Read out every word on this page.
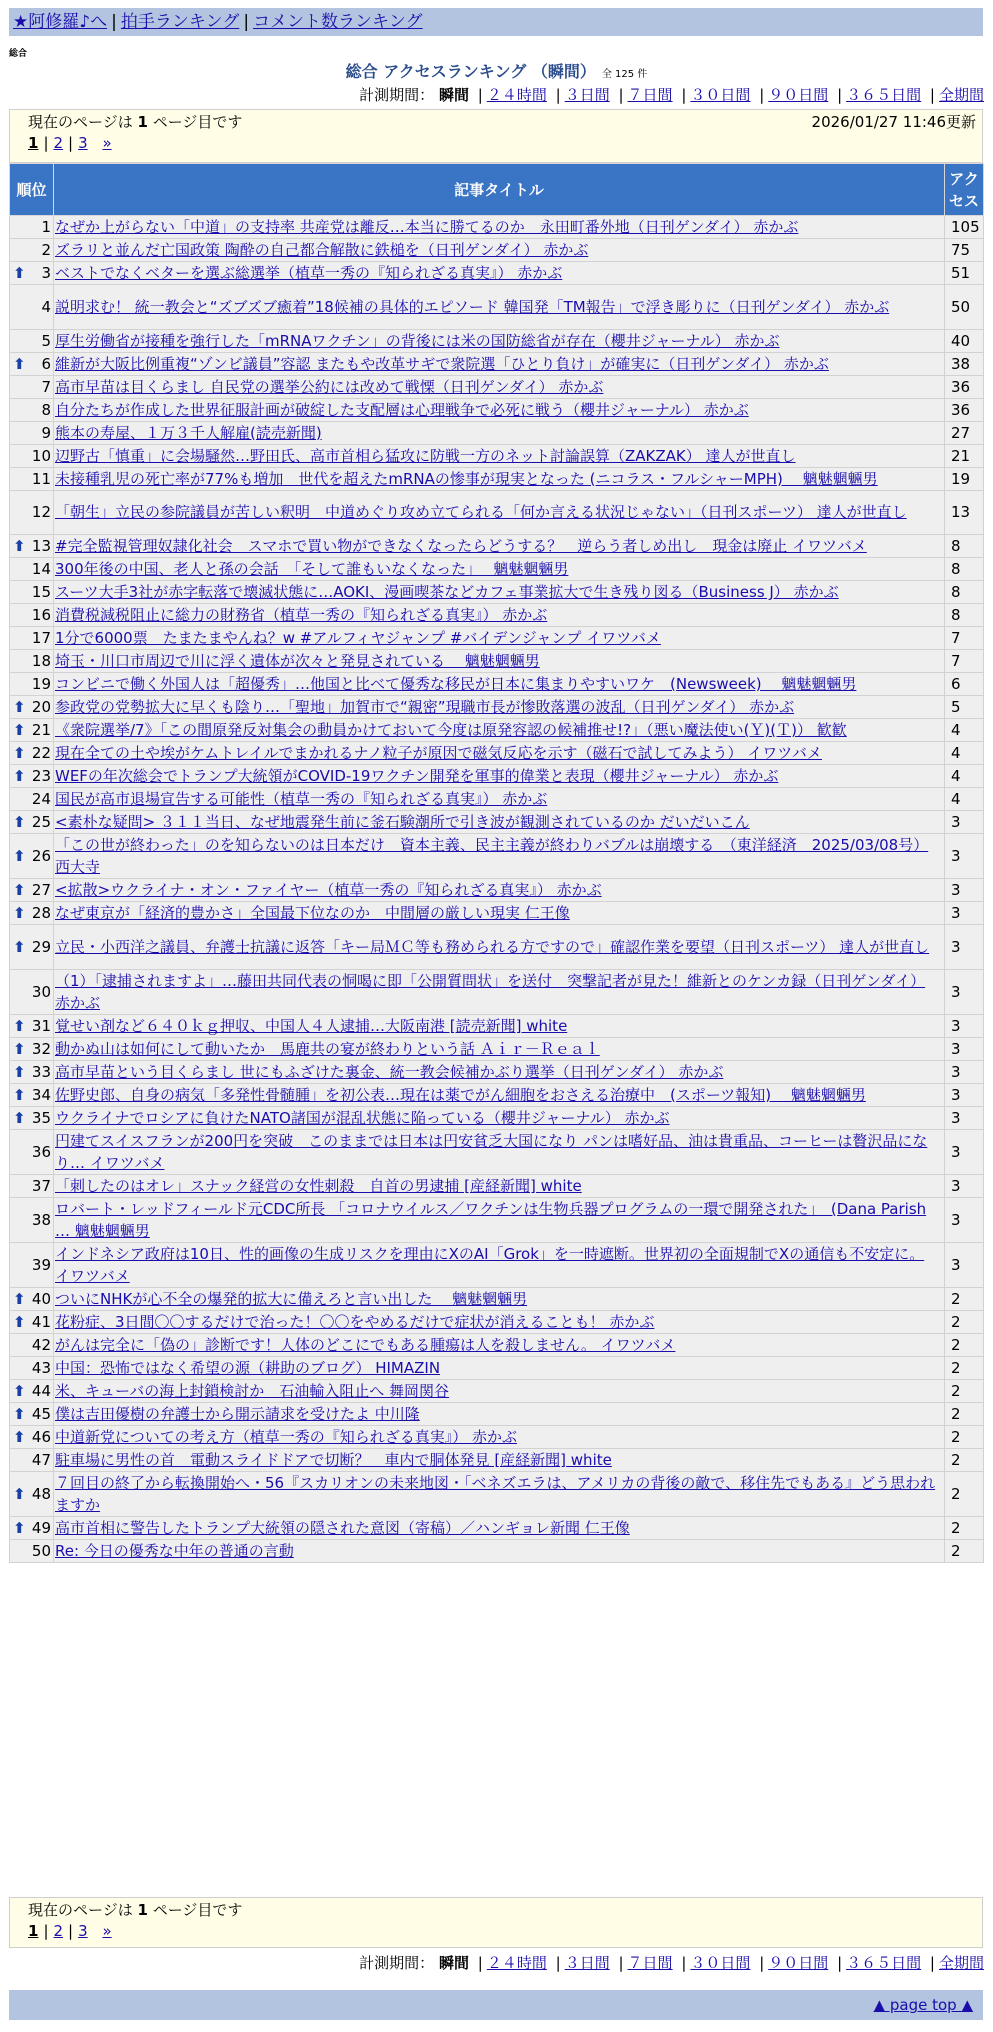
★阿修羅♪へ | 拍手ランキング | コメント数ランキング
総合
総合 アクセスランキング （瞬間） 全 125 件
計測期間： 瞬間 | ２４時間 | ３日間 | ７日間 | ３０日間 | ９０日間 | ３６５日間 | 全期間
現在のページは 1 ページ目です	2026/01/27 11:46更新
1 | 2 | 3 »
順位	記事タイトル	アクセス
1	なぜか上がらない「中道」の支持率 共産党は離反…本当に勝てるのか　永田町番外地（日刊ゲンダイ） 赤かぶ	105
2	ズラリと並んだ亡国政策 陶酔の自己都合解散に鉄槌を（日刊ゲンダイ） 赤かぶ	75

⬆ 3	ベストでなくベターを選ぶ総選挙（植草一秀の『知られざる真実』） 赤かぶ	51
4	説明求む！ 統一教会と“ズブズブ癒着”18候補の具体的エピソード 韓国発「TM報告」で浮き彫りに（日刊ゲンダイ） 赤かぶ	50
5	厚生労働省が接種を強行した「mRNAワクチン」の背後には米の国防総省が存在（櫻井ジャーナル） 赤かぶ	40

⬆ 6	維新が大阪比例重複“ゾンビ議員”容認 またもや改革サギで衆院選「ひとり負け」が確実に（日刊ゲンダイ） 赤かぶ	38
7	高市早苗は目くらまし 自民党の選挙公約には改めて戦慄（日刊ゲンダイ） 赤かぶ	36
8	自分たちが作成した世界征服計画が破綻した支配層は心理戦争で必死に戦う（櫻井ジャーナル） 赤かぶ	36
9	熊本の寿屋、１万３千人解雇(読売新聞)	27
10	辺野古「慎重」に会場騒然…野田氏、高市首相ら猛攻に防戦一方のネット討論誤算（ZAKZAK） 達人が世直し	21
11	未接種乳児の死亡率が77%も増加　世代を超えたmRNAの惨事が現実となった (ニコラス・フルシャーMPH)　 魑魅魍魎男	19
12	「朝生」立民の参院議員が苦しい釈明　中道めぐり攻め立てられる「何か言える状況じゃない」（日刊スポーツ） 達人が世直し	13

⬆ 13	#完全監視管理奴隷化社会　スマホで買い物ができなくなったらどうする？　逆らう者しめ出し　現金は廃止 イワツバメ	8
14	300年後の中国、老人と孫の会話　「そして誰もいなくなった」　 魑魅魍魎男	8
15	スーツ大手3社が赤字転落で壊滅状態に…AOKI、漫画喫茶などカフェ事業拡大で生き残り図る（Business J） 赤かぶ	8
16	消費税減税阻止に総力の財務省（植草一秀の『知られざる真実』） 赤かぶ	8
17	1分で6000票　たまたまやんね？w #アルフィヤジャンプ #バイデンジャンプ イワツバメ	7
18	埼玉・川口市周辺で川に浮く遺体が次々と発見されている　 魑魅魍魎男	7
19	コンビニで働く外国人は「超優秀」…他国と比べて優秀な移民が日本に集まりやすいワケ　(Newsweek)　 魑魅魍魎男	6

⬆ 20	参政党の党勢拡大に早くも陰り…「聖地」加賀市で“親密”現職市長が惨敗落選の波乱（日刊ゲンダイ） 赤かぶ	5

⬆ 21	《衆院選挙/7》「この間原発反対集会の動員かけておいて今度は原発容認の候補推せ!?」（悪い魔法使い(Ｙ)(Ｔ)） 歓歓	4

⬆ 22	現在全ての土や埃がケムトレイルでまかれるナノ粒子が原因で磁気反応を示す（磁石で試してみよう） イワツバメ	4

⬆ 23	WEFの年次総会でトランプ大統領がCOVID-19ワクチン開発を軍事的偉業と表現（櫻井ジャーナル） 赤かぶ	4
24	国民が高市退場宣告する可能性（植草一秀の『知られざる真実』） 赤かぶ	4

⬆ 25	<素朴な疑問> ３１１当日、なぜ地震発生前に釜石験潮所で引き波が観測されているのか だいだいこん	3

⬆ 26	「この世が終わった」のを知らないのは日本だけ　資本主義、民主主義が終わりバブルは崩壊する　（東洋経済　2025/03/08号） 西大寺	3

⬆ 27	<拡散>ウクライナ・オン・ファイヤー（植草一秀の『知られざる真実』） 赤かぶ	3

⬆ 28	なぜ東京が「経済的豊かさ」全国最下位なのか　中間層の厳しい現実 仁王像	3

⬆ 29	立民・小西洋之議員、弁護士抗議に返答「キー局ＭＣ等も務められる方ですので」確認作業を要望（日刊スポーツ） 達人が世直し	3
30	（1）「逮捕されますよ」…藤田共同代表の恫喝に即「公開質問状」を送付　突撃記者が見た！維新とのケンカ録（日刊ゲンダイ） 赤かぶ	3

⬆ 31	覚せい剤など６４０ｋｇ押収、中国人４人逮捕…大阪南港 [読売新聞] white	3

⬆ 32	動かぬ山は如何にして動いたか　馬鹿共の宴が終わりという話 Ａｉｒ－Ｒｅａｌ	3

⬆ 33	高市早苗という目くらまし 世にもふざけた裏金、統一教会候補かぶり選挙（日刊ゲンダイ） 赤かぶ	3

⬆ 34	佐野史郎、自身の病気「多発性骨髄腫」を初公表…現在は薬でがん細胞をおさえる治療中　(スポーツ報知)　 魑魅魍魎男	3

⬆ 35	ウクライナでロシアに負けたNATO諸国が混乱状態に陥っている（櫻井ジャーナル） 赤かぶ	3
36	円建てスイスフランが200円を突破　このままでは日本は円安貧乏大国になり パンは嗜好品、油は貴重品、コーヒーは贅沢品になり… イワツバメ	3
37	「刺したのはオレ」スナック経営の女性刺殺　自首の男逮捕 [産経新聞] white	3
38	ロバート・レッドフィールド元CDC所長 「コロナウイルス／ワクチンは生物兵器プログラムの一環で開発された」　(Dana Parish … 魑魅魍魎男	3
39	インドネシア政府は10日、性的画像の生成リスクを理由にXのAI「Grok」を一時遮断。世界初の全面規制でXの通信も不安定に。 イワツバメ	3

⬆ 40	ついにNHKが心不全の爆発的拡大に備えろと言い出した　 魑魅魍魎男	2

⬆ 41	花粉症、3日間〇〇するだけで治った！〇〇をやめるだけで症状が消えることも！ 赤かぶ	2
42	がんは完全に「偽の」診断です！人体のどこにでもある腫瘍は人を殺しません。 イワツバメ	2
43	中国：恐怖ではなく希望の源（耕助のブログ） HIMAZIN	2

⬆ 44	米、キューバの海上封鎖検討か　石油輸入阻止へ 舞岡関谷	2

⬆ 45	僕は吉田優樹の弁護士から開示請求を受けたよ 中川隆	2

⬆ 46	中道新党についての考え方（植草一秀の『知られざる真実』） 赤かぶ	2
47	駐車場に男性の首　電動スライドドアで切断？　車内で胴体発見 [産経新聞] white	2

⬆ 48	７回目の終了から転換開始へ・56『スカリオンの未来地図・「ベネズエラは、アメリカの背後の敵で、移住先でもある』どう思われますか	2

⬆ 49	高市首相に警告したトランプ大統領の隠された意図（寄稿）／ハンギョレ新聞 仁王像	2
50	Re: 今日の優秀な中年の普通の言動	2
現在のページは 1 ページ目です
1 | 2 | 3 »
計測期間： 瞬間 | ２４時間 | ３日間 | ７日間 | ３０日間 | ９０日間 | ３６５日間 | 全期間
▲ page top ▲
